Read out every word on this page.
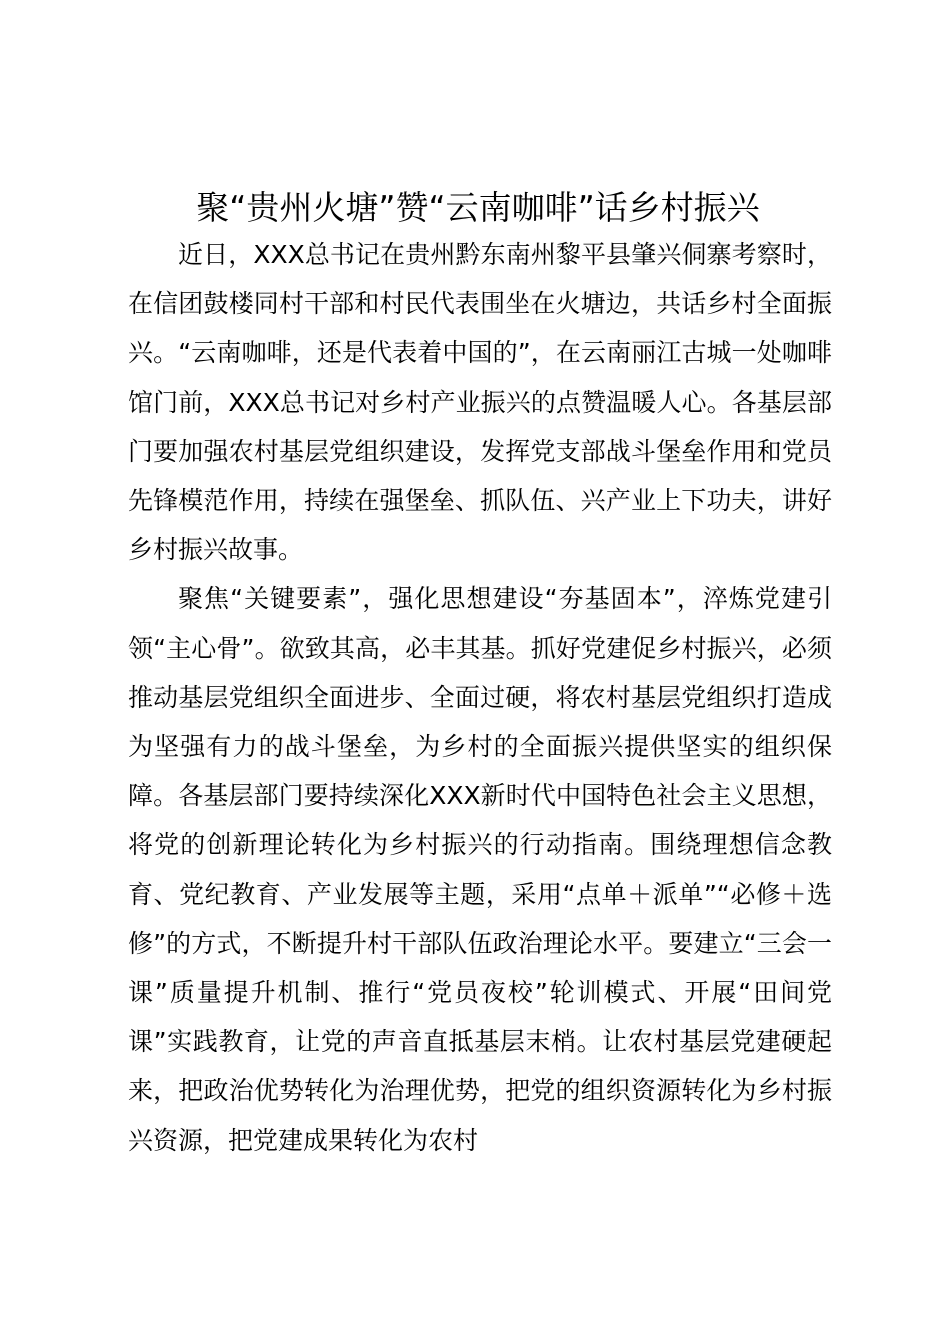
聚“贵州火塘”赞“云南咖啡”话乡村振兴

近日，XXX总书记在贵州黔东南州黎平县肇兴侗寨考察时，在信团鼓楼同村干部和村民代表围坐在火塘边，共话乡村全面振兴。“云南咖啡，还是代表着中国的”，在云南丽江古城一处咖啡馆门前，XXX总书记对乡村产业振兴的点赞温暖人心。各基层部门要加强农村基层党组织建设，发挥党支部战斗堡垒作用和党员先锋模范作用，持续在强堡垒、抓队伍、兴产业上下功夫，讲好乡村振兴故事。

聚焦“关键要素”，强化思想建设“夯基固本”，淬炼党建引领“主心骨”。欲致其高，必丰其基。抓好党建促乡村振兴，必须推动基层党组织全面进步、全面过硬，将农村基层党组织打造成为坚强有力的战斗堡垒，为乡村的全面振兴提供坚实的组织保障。各基层部门要持续深化XXX新时代中国特色社会主义思想，将党的创新理论转化为乡村振兴的行动指南。围绕理想信念教育、党纪教育、产业发展等主题，采用“点单＋派单”“必修＋选修”的方式，不断提升村干部队伍政治理论水平。要建立“三会一课”质量提升机制、推行“党员夜校”轮训模式、开展“田间党课”实践教育，让党的声音直抵基层末梢。让农村基层党建硬起来，把政治优势转化为治理优势，把党的组织资源转化为乡村振兴资源，把党建成果转化为农村
